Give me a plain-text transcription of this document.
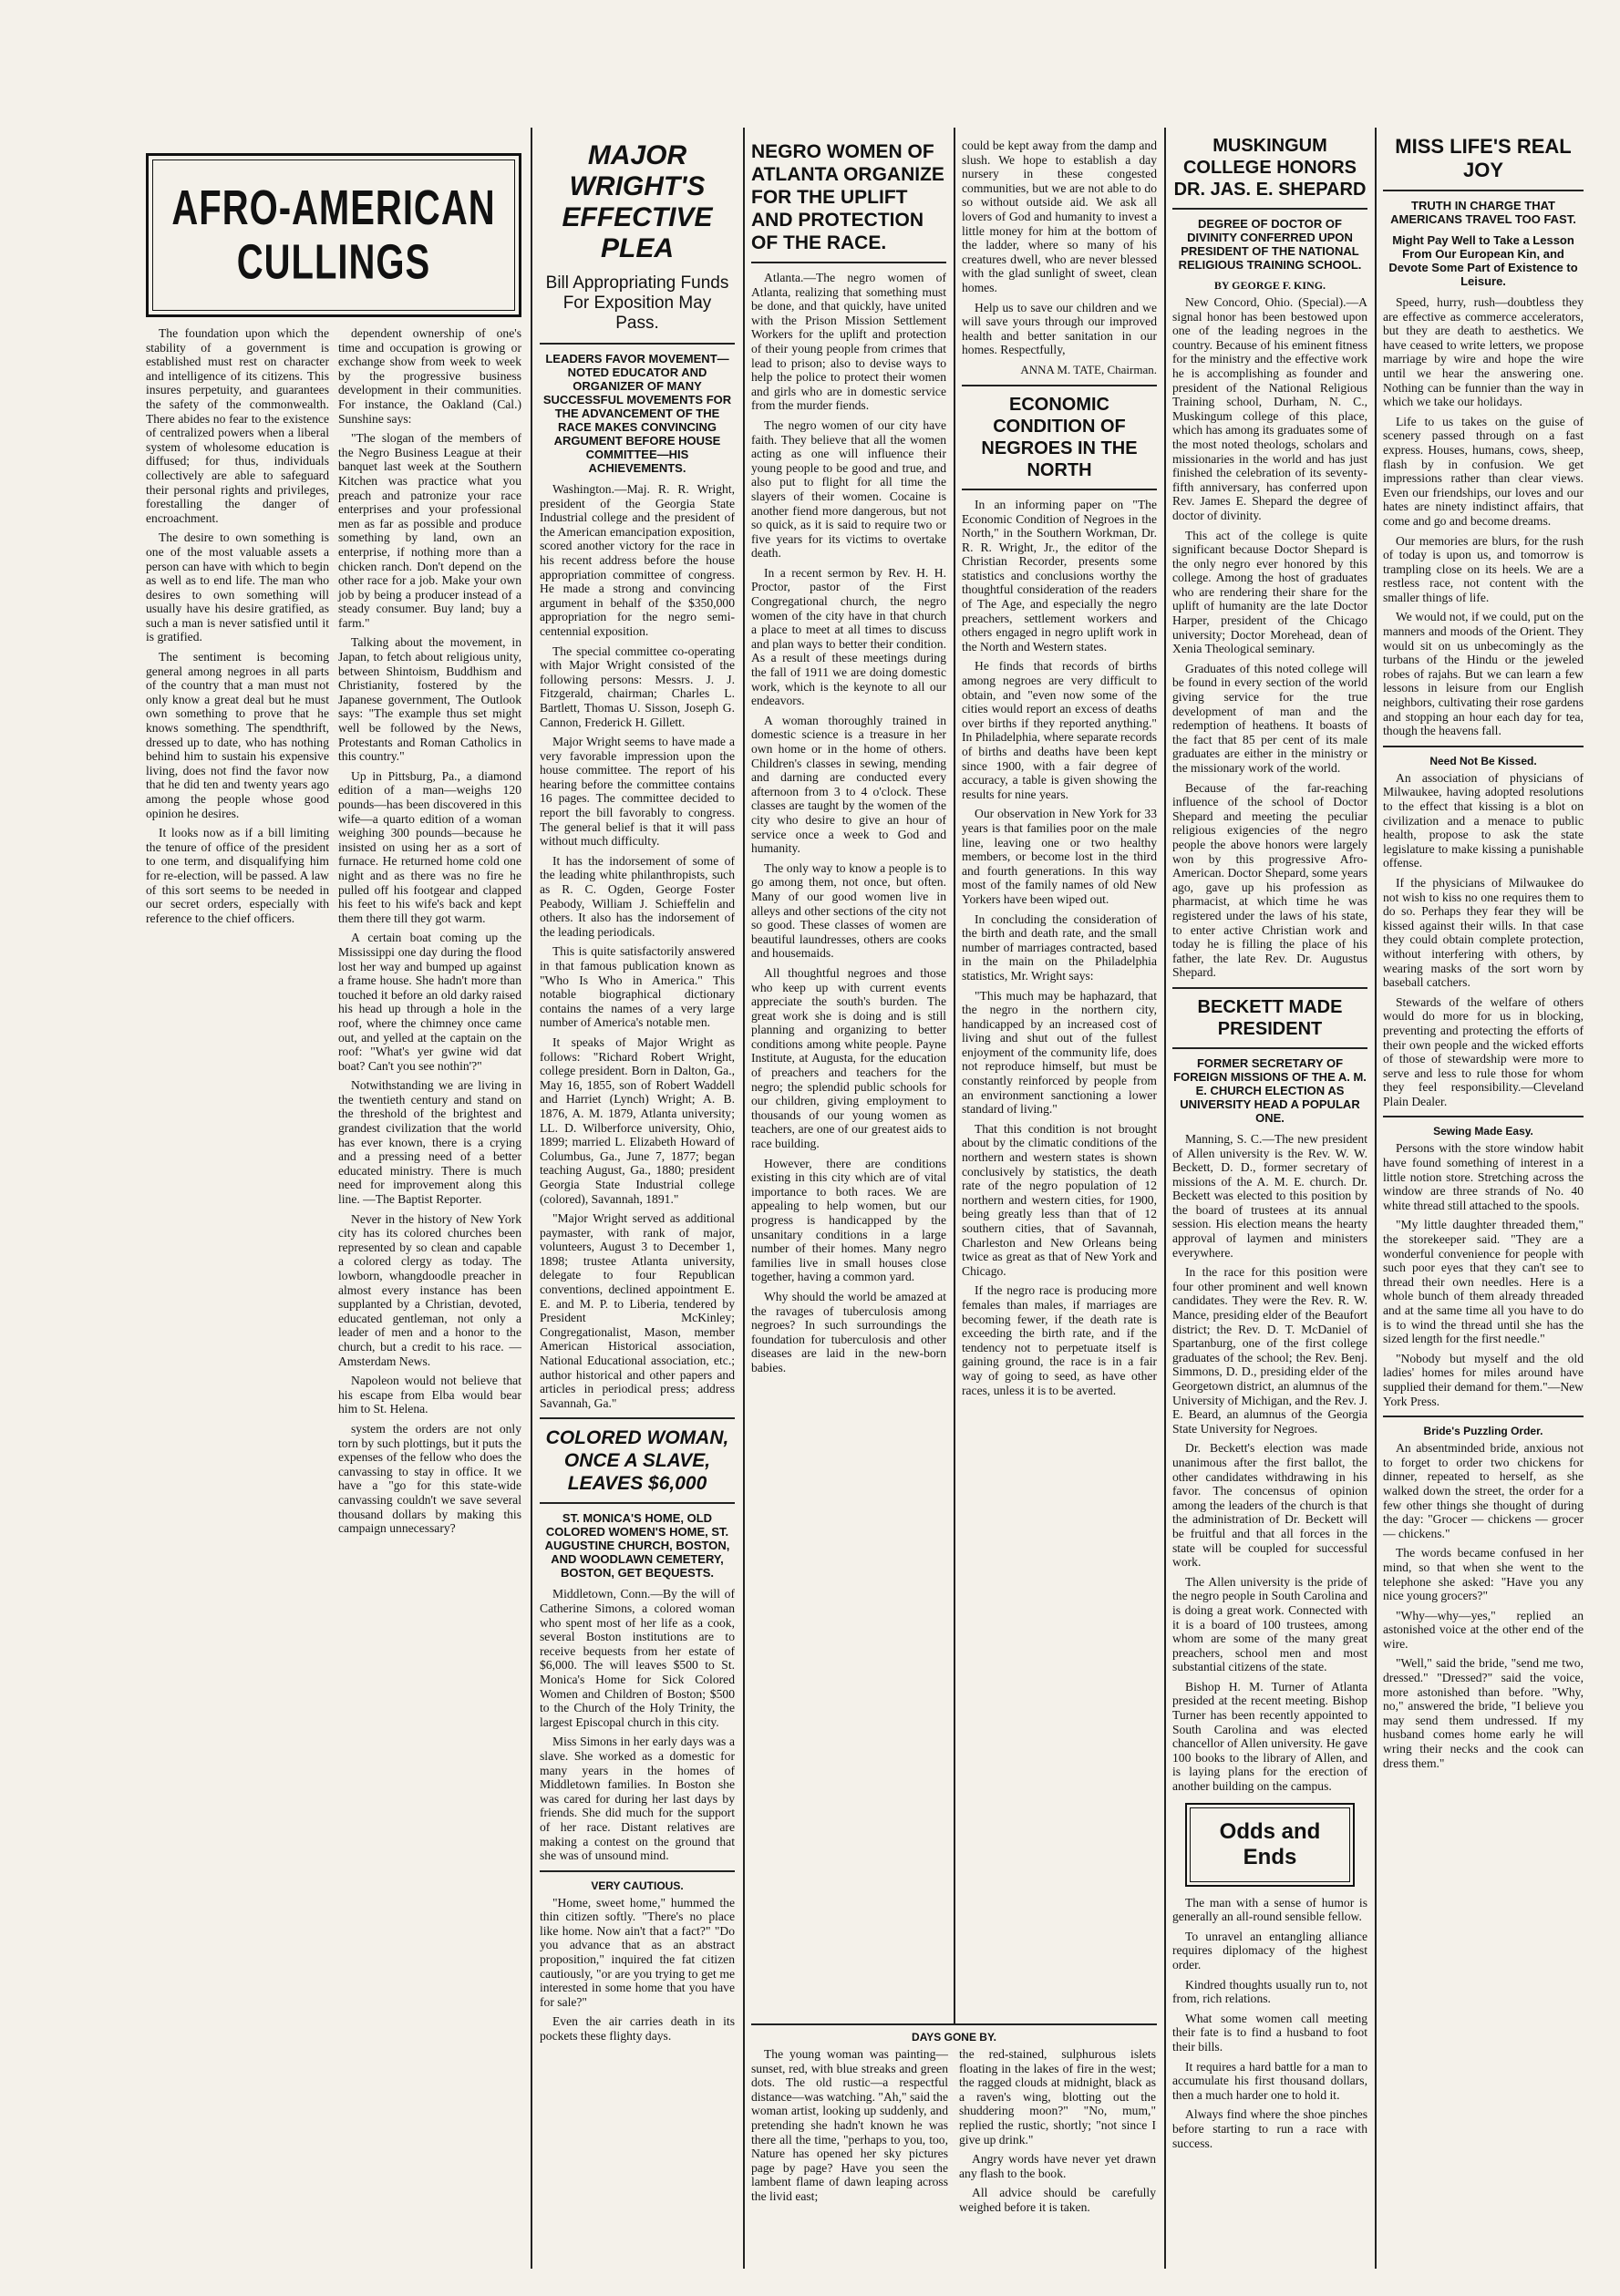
AFRO-AMERICAN CULLINGS

The foundation upon which the stability of a government is established must rest on character and intelligence of its citizens. This insures perpetuity, and guarantees the safety of the commonwealth. There abides no fear to the existence of centralized powers when a liberal system of wholesome education is diffused; for thus, individuals collectively are able to safeguard their personal rights and privileges, forestalling the danger of encroachment.

The desire to own something is one of the most valuable assets a person can have with which to begin as well as to end life. The man who desires to own something will usually have his desire gratified, as such a man is never satisfied until it is gratified.

The sentiment is becoming general among negroes in all parts of the country that a man must not only know a great deal but he must own something to prove that he knows something. The spendthrift, dressed up to date, who has nothing behind him to sustain his expensive living, does not find the favor now that he did ten and twenty years ago among the people whose good opinion he desires.

It looks now as if a bill limiting the tenure of office of the president to one term, and disqualifying him for re-election, will be passed. A law of this sort seems to be needed in our secret orders, especially with reference to the chief officers.

dependent ownership of one's time and occupation is growing or exchange show from week to week by the progressive business development in their communities. For instance, the Oakland (Cal.) Sunshine says:

"The slogan of the members of the Negro Business League at their banquet last week at the Southern Kitchen was practice what you preach and patronize your race enterprises and your professional men as far as possible and produce something by land, own an enterprise, if nothing more than a chicken ranch. Don't depend on the other race for a job. Make your own job by being a producer instead of a steady consumer. Buy land; buy a farm."

Talking about the movement, in Japan, to fetch about religious unity, between Shintoism, Buddhism and Christianity, fostered by the Japanese government, The Outlook says: "The example thus set might well be followed by the News, Protestants and Roman Catholics in this country."

Up in Pittsburg, Pa., a diamond edition of a man—weighs 120 pounds—has been discovered in this wife—a quarto edition of a woman weighing 300 pounds—because he insisted on using her as a sort of furnace. He returned home cold one night and as there was no fire he pulled off his footgear and clapped his feet to his wife's back and kept them there till they got warm.

A certain boat coming up the Mississippi one day during the flood lost her way and bumped up against a frame house. She hadn't more than touched it before an old darky raised his head up through a hole in the roof, where the chimney once came out, and yelled at the captain on the roof: "What's yer gwine wid dat boat? Can't you see nothin'?"

Notwithstanding we are living in the twentieth century and stand on the threshold of the brightest and grandest civilization that the world has ever known, there is a crying and a pressing need of a better educated ministry. There is much need for improvement along this line. —The Baptist Reporter.

Never in the history of New York city has its colored churches been represented by so clean and capable a colored clergy as today. The lowborn, whangdoodle preacher in almost every instance has been supplanted by a Christian, devoted, educated gentleman, not only a leader of men and a honor to the church, but a credit to his race. —Amsterdam News.

Napoleon would not believe that his escape from Elba would bear him to St. Helena.

system the orders are not only torn by such plottings, but it puts the expenses of the fellow who does the canvassing to stay in office. It we have a "go for this state-wide canvassing couldn't we save several thousand dollars by making this campaign unnecessary?

MAJOR WRIGHT'S EFFECTIVE PLEA

Bill Appropriating Funds For Exposition May Pass.

LEADERS FAVOR MOVEMENT—NOTED EDUCATOR AND ORGANIZER OF MANY SUCCESSFUL MOVEMENTS FOR THE ADVANCEMENT OF THE RACE MAKES CONVINCING ARGUMENT BEFORE HOUSE COMMITTEE—HIS ACHIEVEMENTS.

Washington.—Maj. R. R. Wright, president of the Georgia State Industrial college and the president of the American emancipation exposition, scored another victory for the race in his recent address before the house appropriation committee of congress. He made a strong and convincing argument in behalf of the $350,000 appropriation for the negro semi-centennial exposition.

The special committee co-operating with Major Wright consisted of the following persons: Messrs. J. J. Fitzgerald, chairman; Charles L. Bartlett, Thomas U. Sisson, Joseph G. Cannon, Frederick H. Gillett.

Major Wright seems to have made a very favorable impression upon the house committee. The report of his hearing before the committee contains 16 pages. The committee decided to report the bill favorably to congress. The general belief is that it will pass without much difficulty.

It has the indorsement of some of the leading white philanthropists, such as R. C. Ogden, George Foster Peabody, William J. Schieffelin and others. It also has the indorsement of the leading periodicals.

This is quite satisfactorily answered in that famous publication known as "Who Is Who in America." This notable biographical dictionary contains the names of a very large number of America's notable men.

It speaks of Major Wright as follows: "Richard Robert Wright, college president. Born in Dalton, Ga., May 16, 1855, son of Robert Waddell and Harriet (Lynch) Wright; A. B. 1876, A. M. 1879, Atlanta university; LL. D. Wilberforce university, Ohio, 1899; married L. Elizabeth Howard of Columbus, Ga., June 7, 1877; began teaching August, Ga., 1880; president Georgia State Industrial college (colored), Savannah, 1891."

"Major Wright served as additional paymaster, with rank of major, volunteers, August 3 to December 1, 1898; trustee Atlanta university, delegate to four Republican conventions, declined appointment E. E. and M. P. to Liberia, tendered by President McKinley; Congregationalist, Mason, member American Historical association, National Educational association, etc.; author historical and other papers and articles in periodical press; address Savannah, Ga."

COLORED WOMAN, ONCE A SLAVE, LEAVES $6,000

ST. MONICA'S HOME, OLD COLORED WOMEN'S HOME, ST. AUGUSTINE CHURCH, BOSTON, AND WOODLAWN CEMETERY, BOSTON, GET BEQUESTS.

Middletown, Conn.—By the will of Catherine Simons, a colored woman who spent most of her life as a cook, several Boston institutions are to receive bequests from her estate of $6,000. The will leaves $500 to St. Monica's Home for Sick Colored Women and Children of Boston; $500 to the Church of the Holy Trinity, the largest Episcopal church in this city.

Miss Simons in her early days was a slave. She worked as a domestic for many years in the homes of Middletown families. In Boston she was cared for during her last days by friends. She did much for the support of her race. Distant relatives are making a contest on the ground that she was of unsound mind.

VERY CAUTIOUS.

"Home, sweet home," hummed the thin citizen softly. "There's no place like home. Now ain't that a fact?" "Do you advance that as an abstract proposition," inquired the fat citizen cautiously, "or are you trying to get me interested in some home that you have for sale?"

Even the air carries death in its pockets these flighty days.

NEGRO WOMEN OF ATLANTA ORGANIZE FOR THE UPLIFT AND PROTECTION OF THE RACE.

Atlanta.—The negro women of Atlanta, realizing that something must be done, and that quickly, have united with the Prison Mission Settlement Workers for the uplift and protection of their young people from crimes that lead to prison; also to devise ways to help the police to protect their women and girls who are in domestic service from the murder fiends.

The negro women of our city have faith. They believe that all the women acting as one will influence their young people to be good and true, and also put to flight for all time the slayers of their women. Cocaine is another fiend more dangerous, but not so quick, as it is said to require two or five years for its victims to overtake death.

In a recent sermon by Rev. H. H. Proctor, pastor of the First Congregational church, the negro women of the city have in that church a place to meet at all times to discuss and plan ways to better their condition. As a result of these meetings during the fall of 1911 we are doing domestic work, which is the keynote to all our endeavors.

A woman thoroughly trained in domestic science is a treasure in her own home or in the home of others. Children's classes in sewing, mending and darning are conducted every afternoon from 3 to 4 o'clock. These classes are taught by the women of the city who desire to give an hour of service once a week to God and humanity.

The only way to know a people is to go among them, not once, but often. Many of our good women live in alleys and other sections of the city not so good. These classes of women are beautiful laundresses, others are cooks and housemaids.

All thoughtful negroes and those who keep up with current events appreciate the south's burden. The great work she is doing and is still planning and organizing to better conditions among white people. Payne Institute, at Augusta, for the education of preachers and teachers for the negro; the splendid public schools for our children, giving employment to thousands of our young women as teachers, are one of our greatest aids to race building.

However, there are conditions existing in this city which are of vital importance to both races. We are appealing to help women, but our progress is handicapped by the unsanitary conditions in a large number of their homes. Many negro families live in small houses close together, having a common yard.

Why should the world be amazed at the ravages of tuberculosis among negroes? In such surroundings the foundation for tuberculosis and other diseases are laid in the new-born babies.

could be kept away from the damp and slush. We hope to establish a day nursery in these congested communities, but we are not able to do so without outside aid. We ask all lovers of God and humanity to invest a little money for him at the bottom of the ladder, where so many of his creatures dwell, who are never blessed with the glad sunlight of sweet, clean homes.

Help us to save our children and we will save yours through our improved health and better sanitation in our homes. Respectfully,

ANNA M. TATE, Chairman.

ECONOMIC CONDITION OF NEGROES IN THE NORTH

In an informing paper on "The Economic Condition of Negroes in the North," in the Southern Workman, Dr. R. R. Wright, Jr., the editor of the Christian Recorder, presents some statistics and conclusions worthy the thoughtful consideration of the readers of The Age, and especially the negro preachers, settlement workers and others engaged in negro uplift work in the North and Western states.

He finds that records of births among negroes are very difficult to obtain, and "even now some of the cities would report an excess of deaths over births if they reported anything." In Philadelphia, where separate records of births and deaths have been kept since 1900, with a fair degree of accuracy, a table is given showing the results for nine years.

Our observation in New York for 33 years is that families poor on the male line, leaving one or two healthy members, or become lost in the third and fourth generations. In this way most of the family names of old New Yorkers have been wiped out.

In concluding the consideration of the birth and death rate, and the small number of marriages contracted, based in the main on the Philadelphia statistics, Mr. Wright says:

"This much may be haphazard, that the negro in the northern city, handicapped by an increased cost of living and shut out of the fullest enjoyment of the community life, does not reproduce himself, but must be constantly reinforced by people from an environment sanctioning a lower standard of living."

That this condition is not brought about by the climatic conditions of the northern and western states is shown conclusively by statistics, the death rate of the negro population of 12 northern and western cities, for 1900, being greatly less than that of 12 southern cities, that of Savannah, Charleston and New Orleans being twice as great as that of New York and Chicago.

If the negro race is producing more females than males, if marriages are becoming fewer, if the death rate is exceeding the birth rate, and if the tendency not to perpetuate itself is gaining ground, the race is in a fair way of going to seed, as have other races, unless it is to be averted.

DAYS GONE BY.

The young woman was painting—sunset, red, with blue streaks and green dots. The old rustic—a respectful distance—was watching. "Ah," said the woman artist, looking up suddenly, and pretending she hadn't known he was there all the time, "perhaps to you, too, Nature has opened her sky pictures page by page? Have you seen the lambent flame of dawn leaping across the livid east;

the red-stained, sulphurous islets floating in the lakes of fire in the west; the ragged clouds at midnight, black as a raven's wing, blotting out the shuddering moon?" "No, mum," replied the rustic, shortly; "not since I give up drink."

Angry words have never yet drawn any flash to the book.

All advice should be carefully weighed before it is taken.

MUSKINGUM COLLEGE HONORS DR. JAS. E. SHEPARD

DEGREE OF DOCTOR OF DIVINITY CONFERRED UPON PRESIDENT OF THE NATIONAL RELIGIOUS TRAINING SCHOOL.

BY GEORGE F. KING.

New Concord, Ohio. (Special).—A signal honor has been bestowed upon one of the leading negroes in the country. Because of his eminent fitness for the ministry and the effective work he is accomplishing as founder and president of the National Religious Training school, Durham, N. C., Muskingum college of this place, which has among its graduates some of the most noted theologs, scholars and missionaries in the world and has just finished the celebration of its seventy-fifth anniversary, has conferred upon Rev. James E. Shepard the degree of doctor of divinity.

This act of the college is quite significant because Doctor Shepard is the only negro ever honored by this college. Among the host of graduates who are rendering their share for the uplift of humanity are the late Doctor Harper, president of the Chicago university; Doctor Morehead, dean of Xenia Theological seminary.

Graduates of this noted college will be found in every section of the world giving service for the true development of man and the redemption of heathens. It boasts of the fact that 85 per cent of its male graduates are either in the ministry or the missionary work of the world.

Because of the far-reaching influence of the school of Doctor Shepard and meeting the peculiar religious exigencies of the negro people the above honors were largely won by this progressive Afro-American. Doctor Shepard, some years ago, gave up his profession as pharmacist, at which time he was registered under the laws of his state, to enter active Christian work and today he is filling the place of his father, the late Rev. Dr. Augustus Shepard.

BECKETT MADE PRESIDENT

FORMER SECRETARY OF FOREIGN MISSIONS OF THE A. M. E. CHURCH ELECTION AS UNIVERSITY HEAD A POPULAR ONE.

Manning, S. C.—The new president of Allen university is the Rev. W. W. Beckett, D. D., former secretary of missions of the A. M. E. church. Dr. Beckett was elected to this position by the board of trustees at its annual session. His election means the hearty approval of laymen and ministers everywhere.

In the race for this position were four other prominent and well known candidates. They were the Rev. R. W. Mance, presiding elder of the Beaufort district; the Rev. D. T. McDaniel of Spartanburg, one of the first college graduates of the school; the Rev. Benj. Simmons, D. D., presiding elder of the Georgetown district, an alumnus of the University of Michigan, and the Rev. J. E. Beard, an alumnus of the Georgia State University for Negroes.

Dr. Beckett's election was made unanimous after the first ballot, the other candidates withdrawing in his favor. The concensus of opinion among the leaders of the church is that the administration of Dr. Beckett will be fruitful and that all forces in the state will be coupled for successful work.

The Allen university is the pride of the negro people in South Carolina and is doing a great work. Connected with it is a board of 100 trustees, among whom are some of the many great preachers, school men and most substantial citizens of the state.

Bishop H. M. Turner of Atlanta presided at the recent meeting. Bishop Turner has been recently appointed to South Carolina and was elected chancellor of Allen university. He gave 100 books to the library of Allen, and is laying plans for the erection of another building on the campus.

Odds and Ends

The man with a sense of humor is generally an all-round sensible fellow.

To unravel an entangling alliance requires diplomacy of the highest order.

Kindred thoughts usually run to, not from, rich relations.

What some women call meeting their fate is to find a husband to foot their bills.

It requires a hard battle for a man to accumulate his first thousand dollars, then a much harder one to hold it.

Always find where the shoe pinches before starting to run a race with success.

MISS LIFE'S REAL JOY

TRUTH IN CHARGE THAT AMERICANS TRAVEL TOO FAST.

Might Pay Well to Take a Lesson From Our European Kin, and Devote Some Part of Existence to Leisure.

Speed, hurry, rush—doubtless they are effective as commerce accelerators, but they are death to aesthetics. We have ceased to write letters, we propose marriage by wire and hope the wire until we hear the answering one. Nothing can be funnier than the way in which we take our holidays.

Life to us takes on the guise of scenery passed through on a fast express. Houses, humans, cows, sheep, flash by in confusion. We get impressions rather than clear views. Even our friendships, our loves and our hates are ninety indistinct affairs, that come and go and become dreams.

Our memories are blurs, for the rush of today is upon us, and tomorrow is trampling close on its heels. We are a restless race, not content with the smaller things of life.

We would not, if we could, put on the manners and moods of the Orient. They would sit on us unbecomingly as the turbans of the Hindu or the jeweled robes of rajahs. But we can learn a few lessons in leisure from our English neighbors, cultivating their rose gardens and stopping an hour each day for tea, though the heavens fall.

Need Not Be Kissed.

An association of physicians of Milwaukee, having adopted resolutions to the effect that kissing is a blot on civilization and a menace to public health, propose to ask the state legislature to make kissing a punishable offense.

If the physicians of Milwaukee do not wish to kiss no one requires them to do so. Perhaps they fear they will be kissed against their wills. In that case they could obtain complete protection, without interfering with others, by wearing masks of the sort worn by baseball catchers.

Stewards of the welfare of others would do more for us in blocking, preventing and protecting the efforts of their own people and the wicked efforts of those of stewardship were more to serve and less to rule those for whom they feel responsibility.—Cleveland Plain Dealer.

Sewing Made Easy.

Persons with the store window habit have found something of interest in a little notion store. Stretching across the window are three strands of No. 40 white thread still attached to the spools.

"My little daughter threaded them," the storekeeper said. "They are a wonderful convenience for people with such poor eyes that they can't see to thread their own needles. Here is a whole bunch of them already threaded and at the same time all you have to do is to wind the thread until she has the sized length for the first needle."

"Nobody but myself and the old ladies' homes for miles around have supplied their demand for them."—New York Press.

Bride's Puzzling Order.

An absentminded bride, anxious not to forget to order two chickens for dinner, repeated to herself, as she walked down the street, the order for a few other things she thought of during the day: "Grocer — chickens — grocer — chickens."

The words became confused in her mind, so that when she went to the telephone she asked: "Have you any nice young grocers?"

"Why—why—yes," replied an astonished voice at the other end of the wire.

"Well," said the bride, "send me two, dressed." "Dressed?" said the voice, more astonished than before. "Why, no," answered the bride, "I believe you may send them undressed. If my husband comes home early he will wring their necks and the cook can dress them."
